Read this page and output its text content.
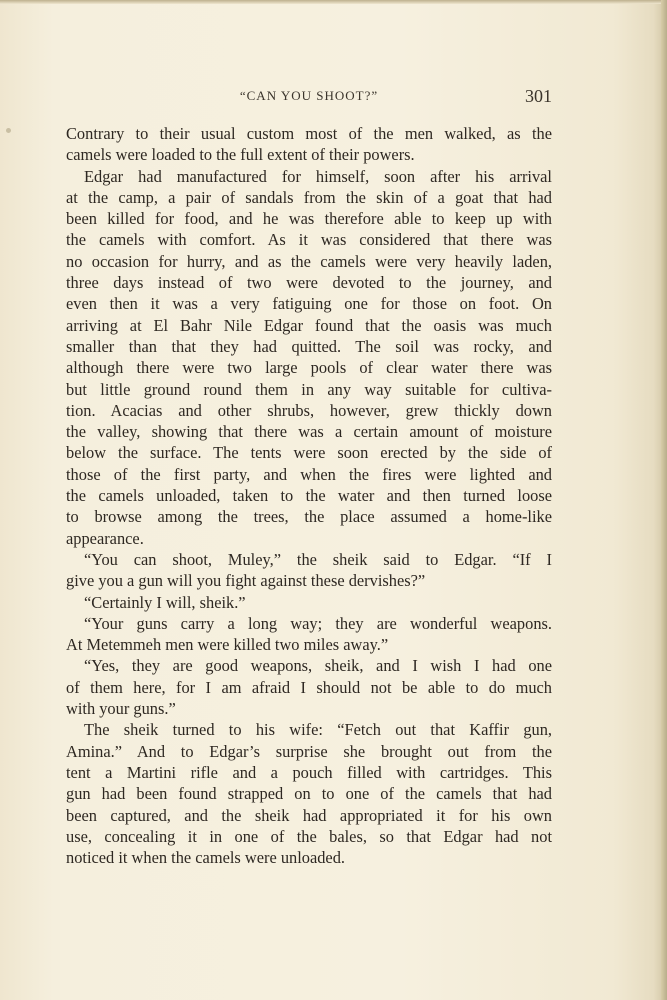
“CAN YOU SHOOT?”	301
Contrary to their usual custom most of the men walked, as the
camels were loaded to the full extent of their powers.
Edgar had manufactured for himself, soon after his arrival
at the camp, a pair of sandals from the skin of a goat that had
been killed for food, and he was therefore able to keep up with
the camels with comfort. As it was considered that there was
no occasion for hurry, and as the camels were very heavily laden,
three days instead of two were devoted to the journey, and
even then it was a very fatiguing one for those on foot. On
arriving at El Bahr Nile Edgar found that the oasis was much
smaller than that they had quitted. The soil was rocky, and
although there were two large pools of clear water there was
but little ground round them in any way suitable for cultiva-
tion. Acacias and other shrubs, however, grew thickly down
the valley, showing that there was a certain amount of moisture
below the surface. The tents were soon erected by the side of
those of the first party, and when the fires were lighted and
the camels unloaded, taken to the water and then turned loose
to browse among the trees, the place assumed a home-like
appearance.
“You can shoot, Muley,” the sheik said to Edgar. “If I
give you a gun will you fight against these dervishes?”
“Certainly I will, sheik.”
“Your guns carry a long way; they are wonderful weapons.
At Metemmeh men were killed two miles away.”
“Yes, they are good weapons, sheik, and I wish I had one
of them here, for I am afraid I should not be able to do much
with your guns.”
The sheik turned to his wife: “Fetch out that Kaffir gun,
Amina.” And to Edgar’s surprise she brought out from the
tent a Martini rifle and a pouch filled with cartridges. This
gun had been found strapped on to one of the camels that had
been captured, and the sheik had appropriated it for his own
use, concealing it in one of the bales, so that Edgar had not
noticed it when the camels were unloaded.
